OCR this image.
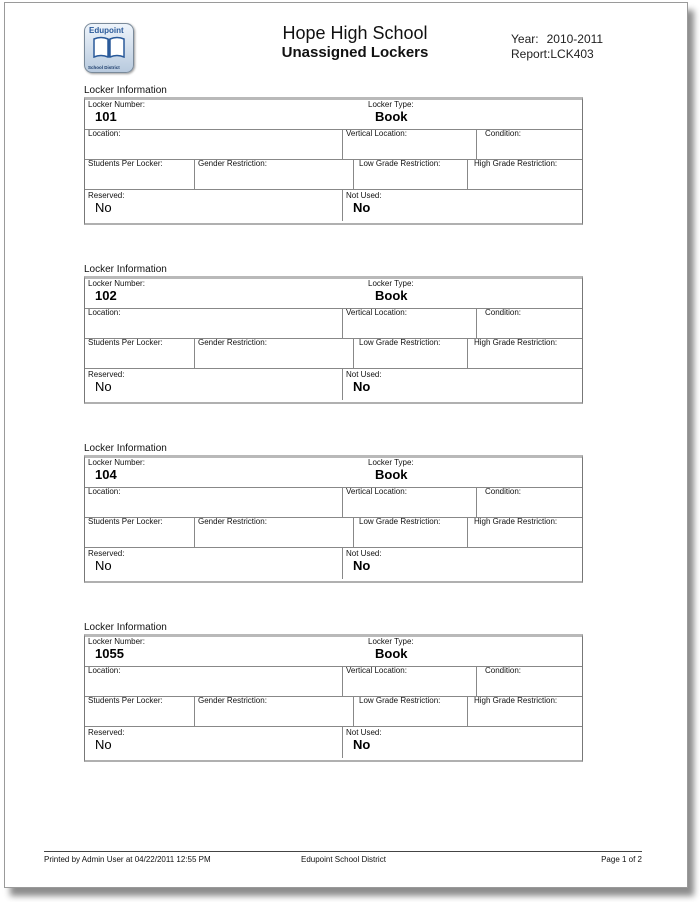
Edupoint
School District
Hope High School
Unassigned Lockers
Year: 2010-2011
Report:LCK403
Locker Information
Locker Number:
101
Locker Type:
Book
Location:	Vertical Location:	Condition:
Students Per Locker:	Gender Restriction:	Low Grade Restriction:	High Grade Restriction:
Reserved:
No
Not Used:
No
Locker Information
Locker Number:
102
Locker Type:
Book
Location:	Vertical Location:	Condition:
Students Per Locker:	Gender Restriction:	Low Grade Restriction:	High Grade Restriction:
Reserved:
No
Not Used:
No
Locker Information
Locker Number:
104
Locker Type:
Book
Location:	Vertical Location:	Condition:
Students Per Locker:	Gender Restriction:	Low Grade Restriction:	High Grade Restriction:
Reserved:
No
Not Used:
No
Locker Information
Locker Number:
1055
Locker Type:
Book
Location:	Vertical Location:	Condition:
Students Per Locker:	Gender Restriction:	Low Grade Restriction:	High Grade Restriction:
Reserved:
No
Not Used:
No
Printed by Admin User at 04/22/2011 12:55 PM	Edupoint School District	Page 1 of 2
